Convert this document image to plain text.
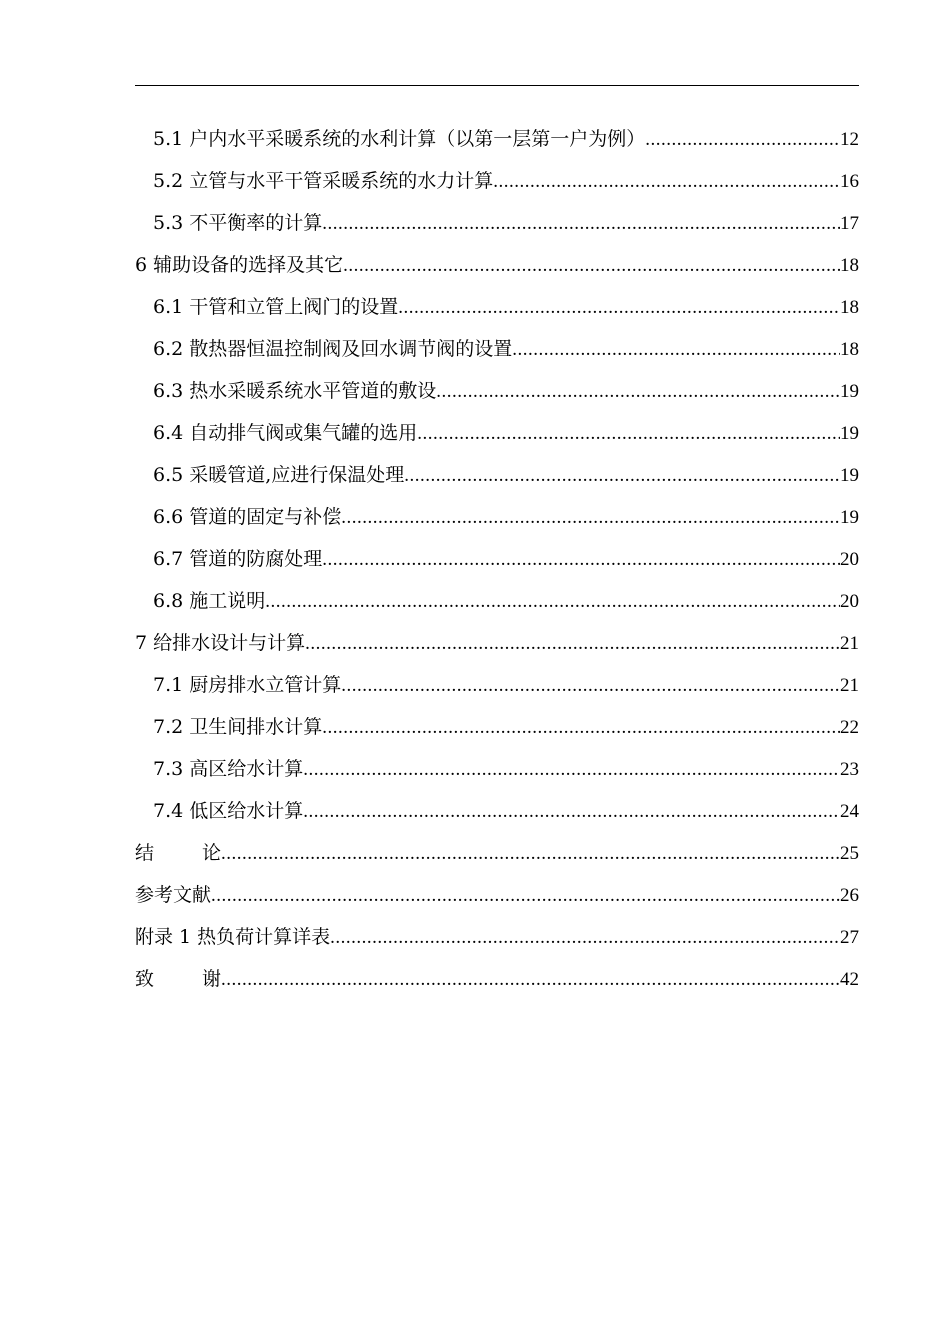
5.1 户内水平采暖系统的水利计算（以第一层第一户为例） .....	12
5.2 立管与水平干管采暖系统的水力计算 .....	16
5.3 不平衡率的计算 .....	17
6 辅助设备的选择及其它 .....	18
6.1 干管和立管上阀门的设置 .....	18
6.2 散热器恒温控制阀及回水调节阀的设置 .....	18
6.3 热水采暖系统水平管道的敷设 .....	19
6.4 自动排气阀或集气罐的选用 .....	19
6.5 采暖管道,应进行保温处理 .....	19
6.6 管道的固定与补偿 .....	19
6.7 管道的防腐处理 .....	20
6.8 施工说明 .....	20
7 给排水设计与计算 .....	21
7.1 厨房排水立管计算 .....	21
7.2 卫生间排水计算 .....	22
7.3 高区给水计算 .....	23
7.4 低区给水计算 .....	24
结	论 .....	25
参考文献 .....	26
附录 1 热负荷计算详表 .....	27
致	谢 .....	42
